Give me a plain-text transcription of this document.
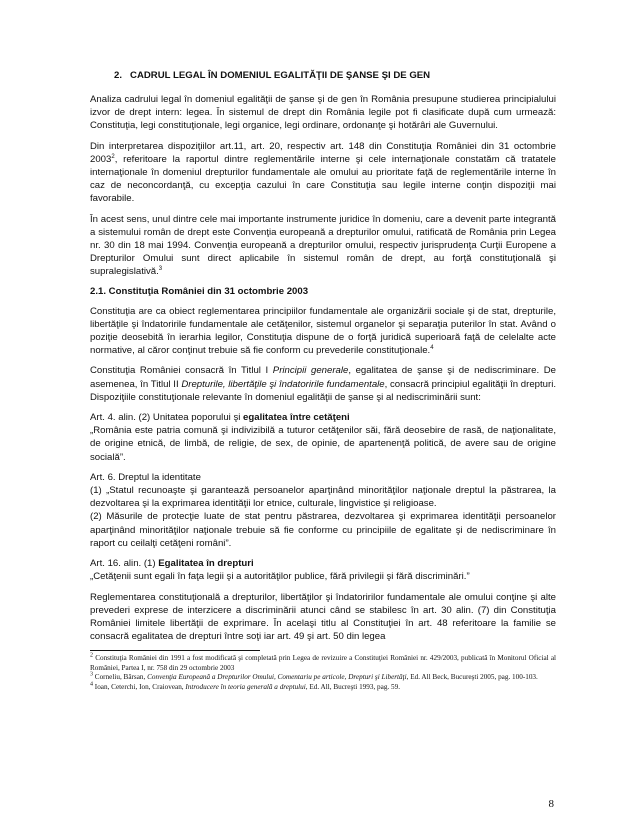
2. CADRUL LEGAL ÎN DOMENIUL EGALITĂŢII DE ŞANSE ŞI DE GEN

Analiza cadrului legal în domeniul egalităţii de şanse şi de gen în România presupune studierea principialului izvor de drept intern: legea. În sistemul de drept din România legile pot fi clasificate după cum urmează: Constituţia, legi constituţionale, legi organice, legi ordinare, ordonanţe şi hotărâri ale Guvernului.

Din interpretarea dispoziţiilor art.11, art. 20, respectiv art. 148 din Constituţia României din 31 octombrie 2003$^2$, referitoare la raportul dintre reglementările interne şi cele internaţionale constatăm că tratatele internaţionale în domeniul drepturilor fundamentale ale omului au prioritate faţă de reglementările interne în caz de neconcordanţă, cu excepţia cazului în care Constituţia sau legile interne conţin dispoziţii mai favorabile.

În acest sens, unul dintre cele mai importante instrumente juridice în domeniu, care a devenit parte integrantă a sistemului român de drept este Convenţia europeană a drepturilor omului, ratificată de România prin Legea nr. 30 din 18 mai 1994. Convenţia europeană a drepturilor omului, respectiv jurisprudenţa Curţii Europene a Drepturilor Omului sunt direct aplicabile în sistemul român de drept, au forţă constituţională şi supralegislativă.$^3$

2.1. Constituţia României din 31 octombrie 2003

Constituţia are ca obiect reglementarea principiilor fundamentale ale organizării sociale şi de stat, drepturile, libertăţile şi îndatoririle fundamentale ale cetăţenilor, sistemul organelor şi separaţia puterilor în stat. Având o poziţie deosebită în ierarhia legilor, Constituţia dispune de o forţă juridică superioară faţă de celelalte acte normative, al căror conţinut trebuie să fie conform cu prevederile constituţionale.$^4$

Constituţia României consacră în Titlul I Principii generale, egalitatea de şanse şi de nediscriminare. De asemenea, în Titlul II Drepturile, libertăţile şi îndatoririle fundamentale, consacră principiul egalităţii în drepturi. Dispoziţiile constituţionale relevante în domeniul egalităţii de şanse şi al nediscriminării sunt:

Art. 4. alin. (2) Unitatea poporului şi egalitatea între cetăţeni

„România este patria comună şi indivizibilă a tuturor cetăţenilor săi, fără deosebire de rasă, de naţionalitate, de origine etnică, de limbă, de religie, de sex, de opinie, de apartenenţă politică, de avere sau de origine socială”.

Art. 6. Dreptul la identitate

(1) „Statul recunoaşte şi garantează persoanelor aparţinând minorităţilor naţionale dreptul la păstrarea, la dezvoltarea şi la exprimarea identităţii lor etnice, culturale, lingvistice şi religioase.

(2) Măsurile de protecţie luate de stat pentru păstrarea, dezvoltarea şi exprimarea identităţii persoanelor aparţinând minorităţilor naţionale trebuie să fie conforme cu principiile de egalitate şi de nediscriminare în raport cu ceilalţi cetăţeni români”.

Art. 16. alin. (1) Egalitatea în drepturi

„Cetăţenii sunt egali în faţa legii şi a autorităţilor publice, fără privilegii şi fără discriminări.”

Reglementarea constituţională a drepturilor, libertăţilor şi îndatoririlor fundamentale ale omului conţine şi alte prevederi exprese de interzicere a discriminării atunci când se stabilesc în art. 30 alin. (7) din Constituţia României limitele libertăţii de exprimare. În acelaşi titlu al Constituţiei în art. 48 referitoare la familie se consacră egalitatea de drepturi între soţi iar art. 49 şi art. 50 din legea

$^2$ Constituţia României din 1991 a fost modificată şi completată prin Legea de revizuire a Constituţiei României nr. 429/2003, publicată în Monitorul Oficial al României, Partea I, nr. 758 din 29 octombrie 2003

$^3$ Corneliu, Bârsan, Convenţia Europeană a Drepturilor Omului, Comentariu pe articole, Drepturi şi Libertăţi, Ed. All Beck, Bucureşti 2005, pag. 100-103.

$^4$ Ioan, Ceterchi, Ion, Craiovean, Introducere în teoria generală a dreptului, Ed. All, Bucreşti 1993, pag. 59.

8
